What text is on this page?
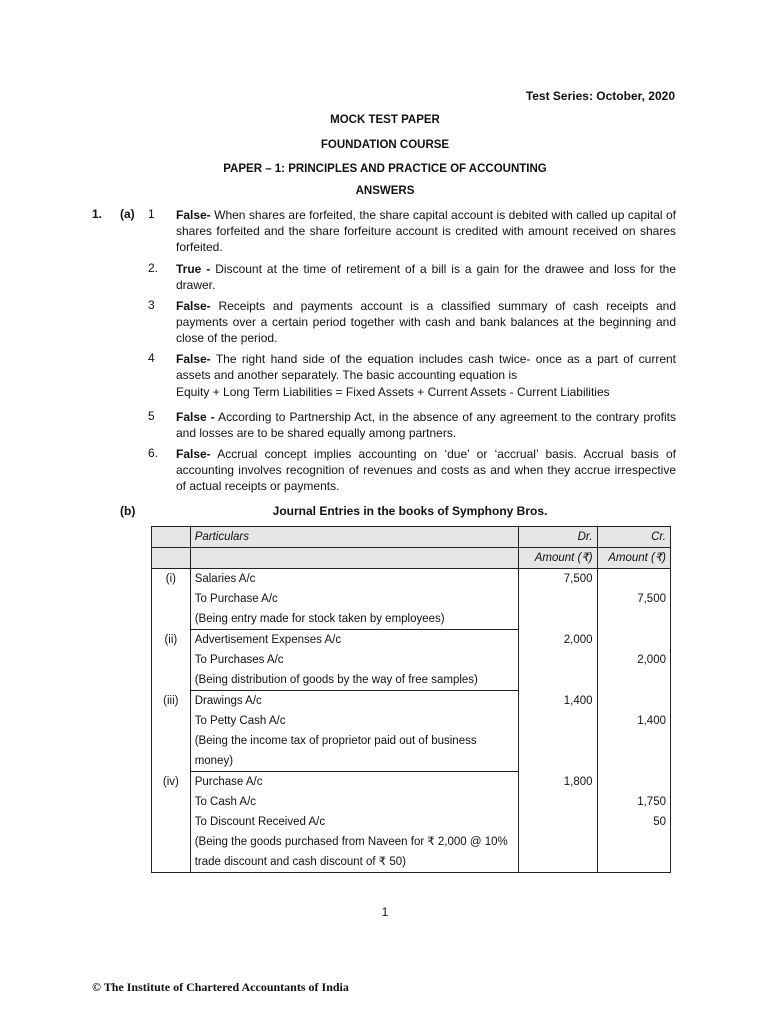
Test Series: October, 2020
MOCK TEST PAPER
FOUNDATION COURSE
PAPER – 1: PRINCIPLES AND PRACTICE OF ACCOUNTING
ANSWERS
1. (a) 1 False- When shares are forfeited, the share capital account is debited with called up capital of shares forfeited and the share forfeiture account is credited with amount received on shares forfeited.
2. True - Discount at the time of retirement of a bill is a gain for the drawee and loss for the drawer.
3 False- Receipts and payments account is a classified summary of cash receipts and payments over a certain period together with cash and bank balances at the beginning and close of the period.
4 False- The right hand side of the equation includes cash twice- once as a part of current assets and another separately. The basic accounting equation is
Equity + Long Term Liabilities = Fixed Assets + Current Assets - Current Liabilities
5 False - According to Partnership Act, in the absence of any agreement to the contrary profits and losses are to be shared equally among partners.
6. False- Accrual concept implies accounting on ‘due’ or ‘accrual’ basis. Accrual basis of accounting involves recognition of revenues and costs as and when they accrue irrespective of actual receipts or payments.
(b)	Journal Entries in the books of Symphony Bros.
	Particulars	Dr.	Cr.
		Amount (₹)	Amount (₹)
(i)	Salaries A/c	7,500	
	To Purchase A/c		7,500
	(Being entry made for stock taken by employees)		
(ii)	Advertisement Expenses A/c	2,000	
	To Purchases A/c		2,000
	(Being distribution of goods by the way of free samples)		
(iii)	Drawings A/c	1,400	
	To Petty Cash A/c		1,400
	(Being the income tax of proprietor paid out of business money)		
(iv)	Purchase A/c	1,800	
	To Cash A/c		1,750
	To Discount Received A/c		50
	(Being the goods purchased from Naveen for ₹ 2,000 @ 10% trade discount and cash discount of ₹ 50)		
1
© The Institute of Chartered Accountants of India
